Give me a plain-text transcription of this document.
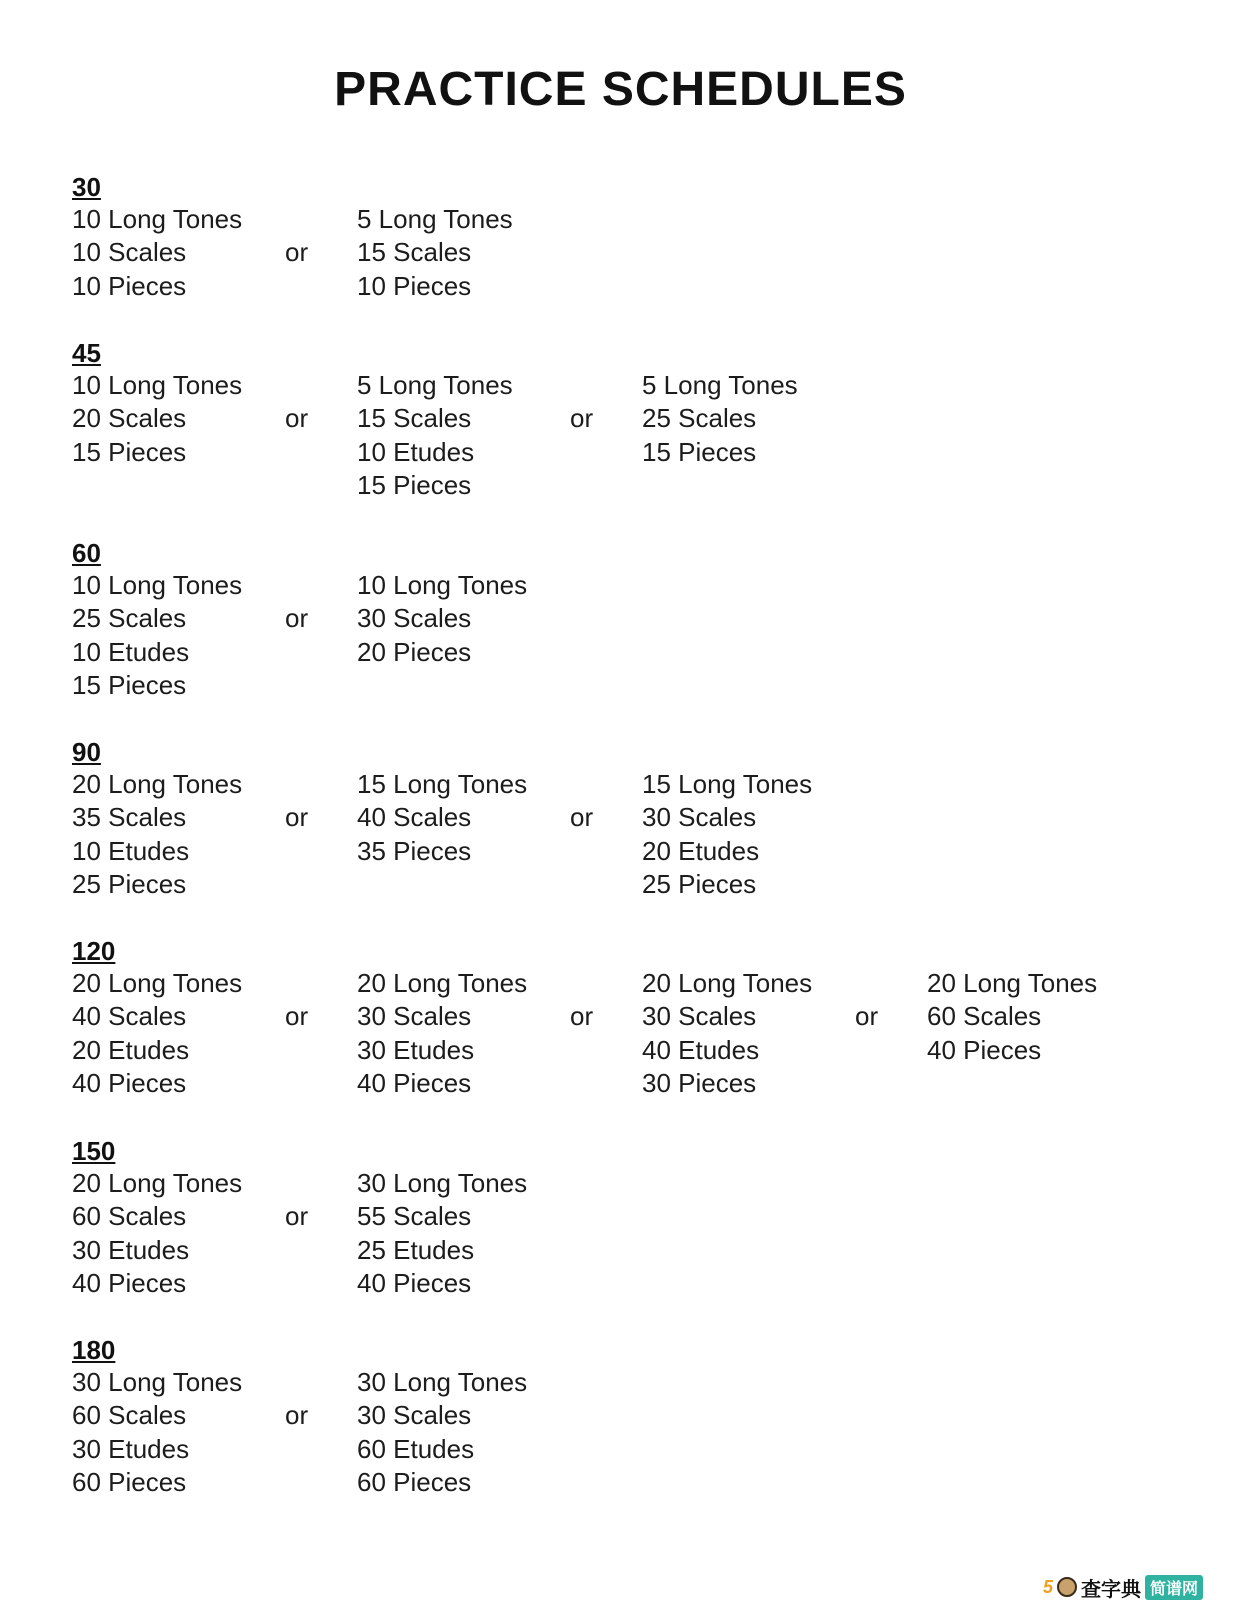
PRACTICE SCHEDULES
30
10 Long Tones
10 Scales
10 Pieces
5 Long Tones
15 Scales
10 Pieces
or
45
10 Long Tones
20 Scales
15 Pieces
5 Long Tones
15 Scales
10 Etudes
15 Pieces
or
5 Long Tones
25 Scales
15 Pieces
or
60
10 Long Tones
25 Scales
10 Etudes
15 Pieces
10 Long Tones
30 Scales
20 Pieces
or
90
20 Long Tones
35 Scales
10 Etudes
25 Pieces
15 Long Tones
40 Scales
35 Pieces
or
15 Long Tones
30 Scales
20 Etudes
25 Pieces
or
120
20 Long Tones
40 Scales
20 Etudes
40 Pieces
20 Long Tones
30 Scales
30 Etudes
40 Pieces
or
20 Long Tones
30 Scales
40 Etudes
30 Pieces
or
20 Long Tones
60 Scales
40 Pieces
or
150
20 Long Tones
60 Scales
30 Etudes
40 Pieces
30 Long Tones
55 Scales
25 Etudes
40 Pieces
or
180
30 Long Tones
60 Scales
30 Etudes
60 Pieces
30 Long Tones
30 Scales
60 Etudes
60 Pieces
or
5 查字典 简谱网
